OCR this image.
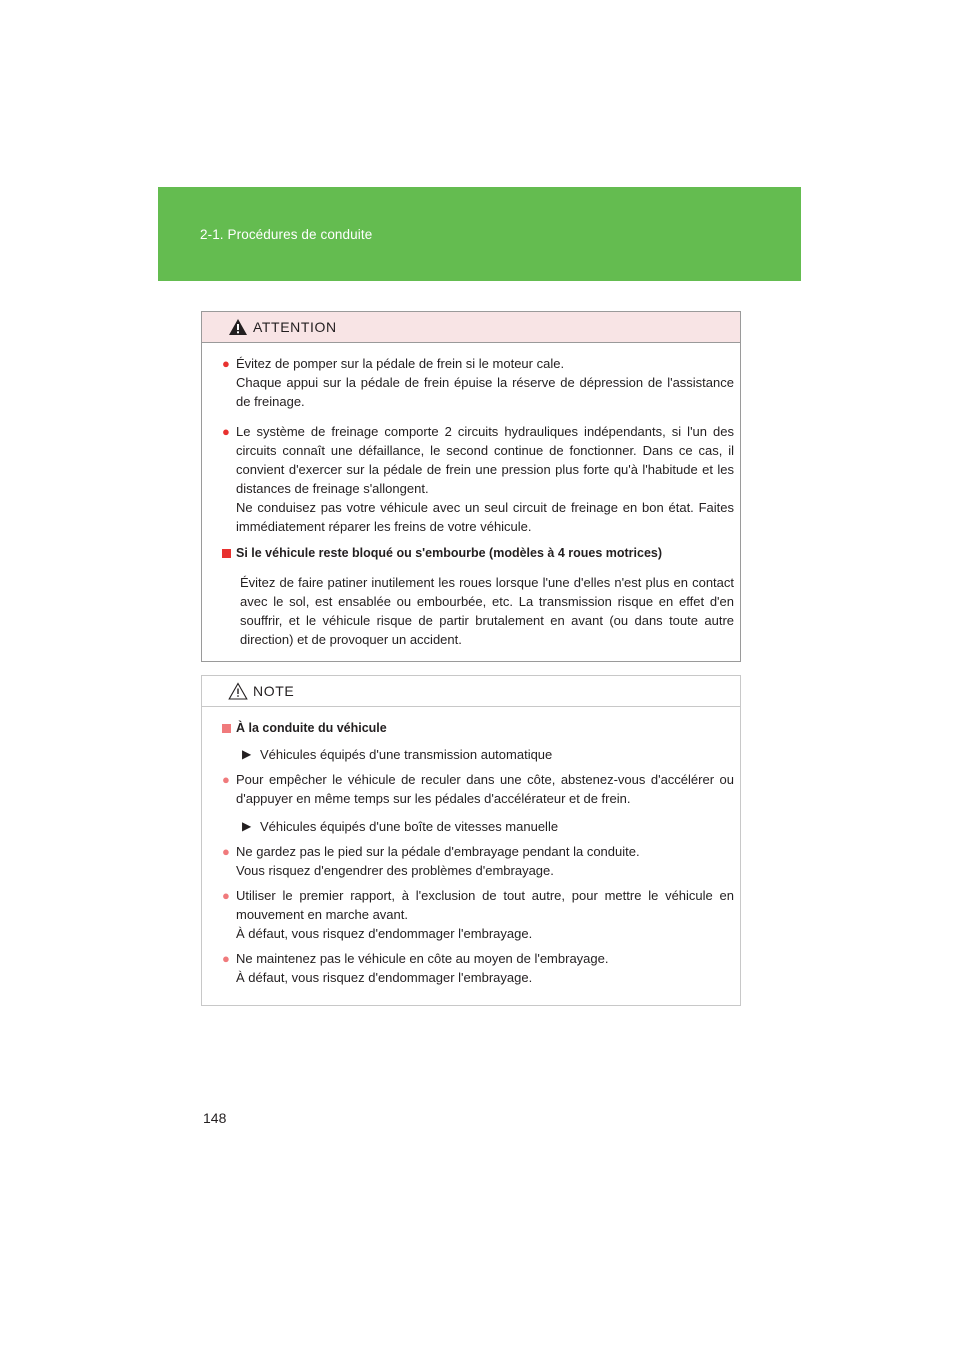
2-1. Procédures de conduite
ATTENTION
● Évitez de pomper sur la pédale de frein si le moteur cale.
Chaque appui sur la pédale de frein épuise la réserve de dépression de l'assistance de freinage.
● Le système de freinage comporte 2 circuits hydrauliques indépendants, si l'un des circuits connaît une défaillance, le second continue de fonctionner. Dans ce cas, il convient d'exercer sur la pédale de frein une pression plus forte qu'à l'habitude et les distances de freinage s'allongent.
Ne conduisez pas votre véhicule avec un seul circuit de freinage en bon état. Faites immédiatement réparer les freins de votre véhicule.
Si le véhicule reste bloqué ou s'embourbe (modèles à 4 roues motrices)
Évitez de faire patiner inutilement les roues lorsque l'une d'elles n'est plus en contact avec le sol, est ensablée ou embourbée, etc. La transmission risque en effet d'en souffrir, et le véhicule risque de partir brutalement en avant (ou dans toute autre direction) et de provoquer un accident.
NOTE
À la conduite du véhicule
▶ Véhicules équipés d'une transmission automatique
● Pour empêcher le véhicule de reculer dans une côte, abstenez-vous d'accélérer ou d'appuyer en même temps sur les pédales d'accélérateur et de frein.
▶ Véhicules équipés d'une boîte de vitesses manuelle
● Ne gardez pas le pied sur la pédale d'embrayage pendant la conduite.
Vous risquez d'engendrer des problèmes d'embrayage.
● Utiliser le premier rapport, à l'exclusion de tout autre, pour mettre le véhicule en mouvement en marche avant.
À défaut, vous risquez d'endommager l'embrayage.
● Ne maintenez pas le véhicule en côte au moyen de l'embrayage.
À défaut, vous risquez d'endommager l'embrayage.
148
